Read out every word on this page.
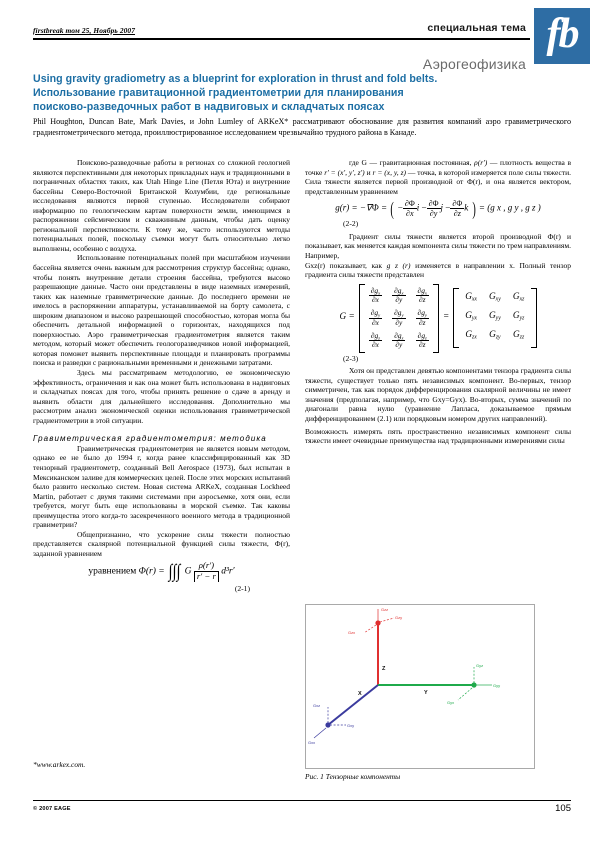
firstbreak том 25, Ноябрь 2007	специальная тема fb
Аэрогеофизика
Using gravity gradiometry as a blueprint for exploration in thrust and fold belts.
Использование гравитационной градиентометрии для планирования
поисково-разведочных работ в надвиговых и складчатых поясах
Phil Houghton, Duncan Bate, Mark Davies, и John Lumley of ARKeX* рассматривают обоснование для развития компаний аэро гравиметрического градиентометрического метода, проиллюстрированное исследованием чрезвычайно трудного района в Канаде.

Поисково-разведочные работы в регионах со сложной геологией являются перспективными для некоторых прикладных наук и традиционными в пограничных областях таких, как Utah Hinge Line (Петля Юта) и внутренние бассейны Северо-Восточной Британской Колумбии, где региональные исследования являются первой ступенью. Исследователи собирают информацию по геологическим картам поверхности земли, имеющимся в распоряжении сейсмическим и скважинным данным, чтобы дать оценку региональной перспективности. К тому же, часто используются методы потенциальных полей, поскольку съемки могут быть относительно легко выполнены, особенно с воздуха.

Использование потенциальных полей при масштабном изучении бассейна является очень важным для рассмотрения структур бассейна; однако, чтобы понять внутренние детали строения бассейна, требуются высоко разрешающие данные. Часто они представлены в виде наземных измерений, таких как наземные гравиметрические данные. До последнего времени не имелось в распоряжении аппаратуры, устанавливаемой на борту самолета, с широким диапазоном и высоко разрешающей способностью, которая могла бы обеспечить детальной информацией о горизонтах, находящихся под поверхностью. Аэро гравиметрическая градиентометрия является таким методом, который может обеспечить геологоразведчиков новой информацией, которая поможет выявить перспективные площади и планировать программы поиска и разведки с рациональными временными и денежными затратами.

Здесь мы рассматриваем методологию, ее экономическую эффективность, ограничения и как она может быть использована в надвиговых и складчатых поясах для того, чтобы принять решение о сдаче в аренду и выявить области для дальнейшего исследования. Дополнительно мы рассмотрим анализ экономической оценки использования гравиметрической градиентометрии в этой ситуации.

Гравиметрическая градиентометрия: методика

Гравиметрическая градиентометрия не является новым методом, однако ее не было до 1994 г, когда ранее классифицированный как 3D тензорный градиентометр, созданный Bell Aerospace (1973), был испытан в Мексиканском заливе для коммерческих целей. После этих морских испытаний было развито несколько систем. Новая система ARKeX, созданная Lockheed Martin, работает с двумя такими системами при аэросъемке, хотя они, если требуется, могут быть еще использованы в морской съемке. Так каковы преимущества этого когда-то засекреченного военного метода в традиционной гравиметрии?

Общепризнанно, что ускорение силы тяжести полностью представляется скалярной потенциальной функцией силы тяжести, Ф(r), заданной уравнением

уравнением Φ(r) = ∫∫∫ G $\frac{\rho(r')}{r' - r} d^3r'$
(2-1)

где G — гравитационная постоянная, ρ(r′) — плотность вещества в точке r′ = (x′, y′, z′) и r = (x, y, z) — точка, в которой измеряется поле силы тяжести. Сила тяжести является первой производной от Ф(r), и она является вектором, представленным уравнением

g(r) = −∇Φ = ( − $\frac{\partial\Phi}{\partial x}$ $i - \frac{\partial\Phi}{\partial y}$ $j - \frac{\partial\Phi}{\partial z}$ k ) = (g x , g y , g z )
(2-2)

Градиент силы тяжести является второй производной Ф(r) и показывает, как меняется каждая компонента силы тяжести по трем направлениям. Например,

Gxz(r) показывает, как g z (r) изменяется в направлении x. Полный тензор градиента силы тяжести представлен

G =
$\frac{\partial g_x}{\partial x} \frac{\partial g_x}{\partial y} \frac{\partial g_x}{\partial z}$
$\frac{\partial g_y}{\partial x} \frac{\partial g_y}{\partial y} \frac{\partial g_y}{\partial z}$
$\frac{\partial g_z}{\partial x} \frac{\partial g_z}{\partial y} \frac{\partial g_z}{\partial z}$
=
$G_{xx}$ $G_{xy}$ $G_{xz}$
$G_{yx}$ $G_{yy}$ $G_{yz}$
$G_{zx}$ $G_{zy}$ $G_{zz}$
(2-3)

Хотя он представлен девятью компонентами тензора градиента силы тяжести, существует только пять независимых компонент. Во-первых, тензор симметричен, так как порядок дифференцирования скалярной величины не имеет значения (предполагая, например, что Gxy=Gyx). Во-вторых, сумма значений по диагонали равна нулю (уравнение Лапласа, доказываемое прямым дифференцированием (2.1) или порядковым номером других направлений).

Возможность измерять пять пространственно независимых компонент силы тяжести имеет очевидные преимущества над традиционными измерениями силы

Gzz
Gzy
Gzx
Gyz
Gyy
Gyx
Gxz
Gxy
Gxx
Z
Y
X
Рис. 1 Тензорные компоненты
*www.arkex.com.
© 2007 EAGE	105
